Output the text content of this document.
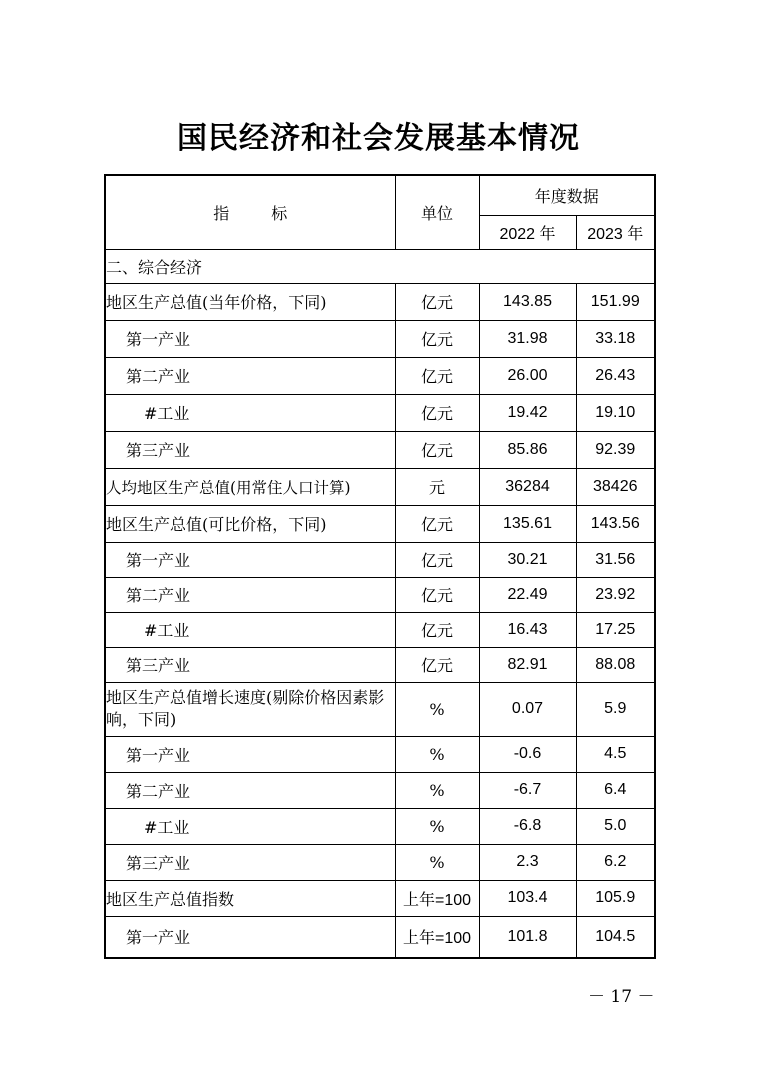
国民经济和社会发展基本情况
指 标	单位	年度数据	
		2022 年	2023 年
二、综合经济			
地区生产总值(当年价格，下同)	亿元	143.85	151.99
第一产业	亿元	31.98	33.18
第二产业	亿元	26.00	26.43
#工业	亿元	19.42	19.10
第三产业	亿元	85.86	92.39
人均地区生产总值(用常住人口计算)	元	36284	38426
地区生产总值(可比价格，下同)	亿元	135.61	143.56
第一产业	亿元	30.21	31.56
第二产业	亿元	22.49	23.92
#工业	亿元	16.43	17.25
第三产业	亿元	82.91	88.08
地区生产总值增长速度(剔除价格因素影响，下同)	%	0.07	5.9
第一产业	%	-0.6	4.5
第二产业	%	-6.7	6.4
#工业	%	-6.8	5.0
第三产业	%	2.3	6.2
地区生产总值指数	上年=100	103.4	105.9
第一产业	上年=100	101.8	104.5
－ 17 －
